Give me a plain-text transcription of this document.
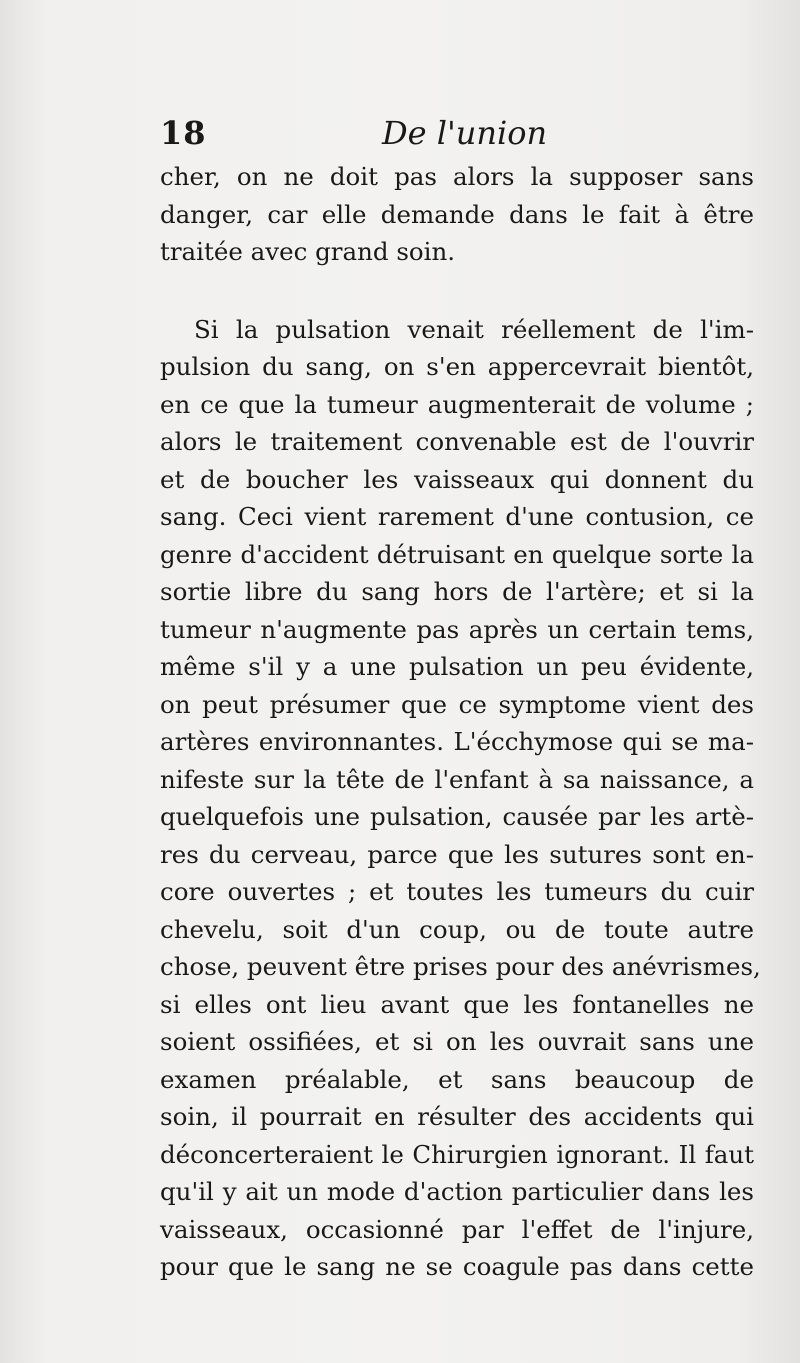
18	De l'union
cher, on ne doit pas alors la supposer sans
danger, car elle demande dans le fait à être
traitée avec grand soin.
Si la pulsation venait réellement de l'im-
pulsion du sang, on s'en appercevrait bientôt,
en ce que la tumeur augmenterait de volume ;
alors le traitement convenable est de l'ouvrir
et de boucher les vaisseaux qui donnent du
sang. Ceci vient rarement d'une contusion, ce
genre d'accident détruisant en quelque sorte la
sortie libre du sang hors de l'artère; et si la
tumeur n'augmente pas après un certain tems,
même s'il y a une pulsation un peu évidente,
on peut présumer que ce symptome vient des
artères environnantes. L'écchymose qui se ma-
nifeste sur la tête de l'enfant à sa naissance, a
quelquefois une pulsation, causée par les artè-
res du cerveau, parce que les sutures sont en-
core ouvertes ; et toutes les tumeurs du cuir
chevelu, soit d'un coup, ou de toute autre
chose, peuvent être prises pour des anévrismes,
si elles ont lieu avant que les fontanelles ne
soient ossifiées, et si on les ouvrait sans une
examen préalable, et sans beaucoup de
soin, il pourrait en résulter des accidents qui
déconcerteraient le Chirurgien ignorant. Il faut
qu'il y ait un mode d'action particulier dans les
vaisseaux, occasionné par l'effet de l'injure,
pour que le sang ne se coagule pas dans cette
